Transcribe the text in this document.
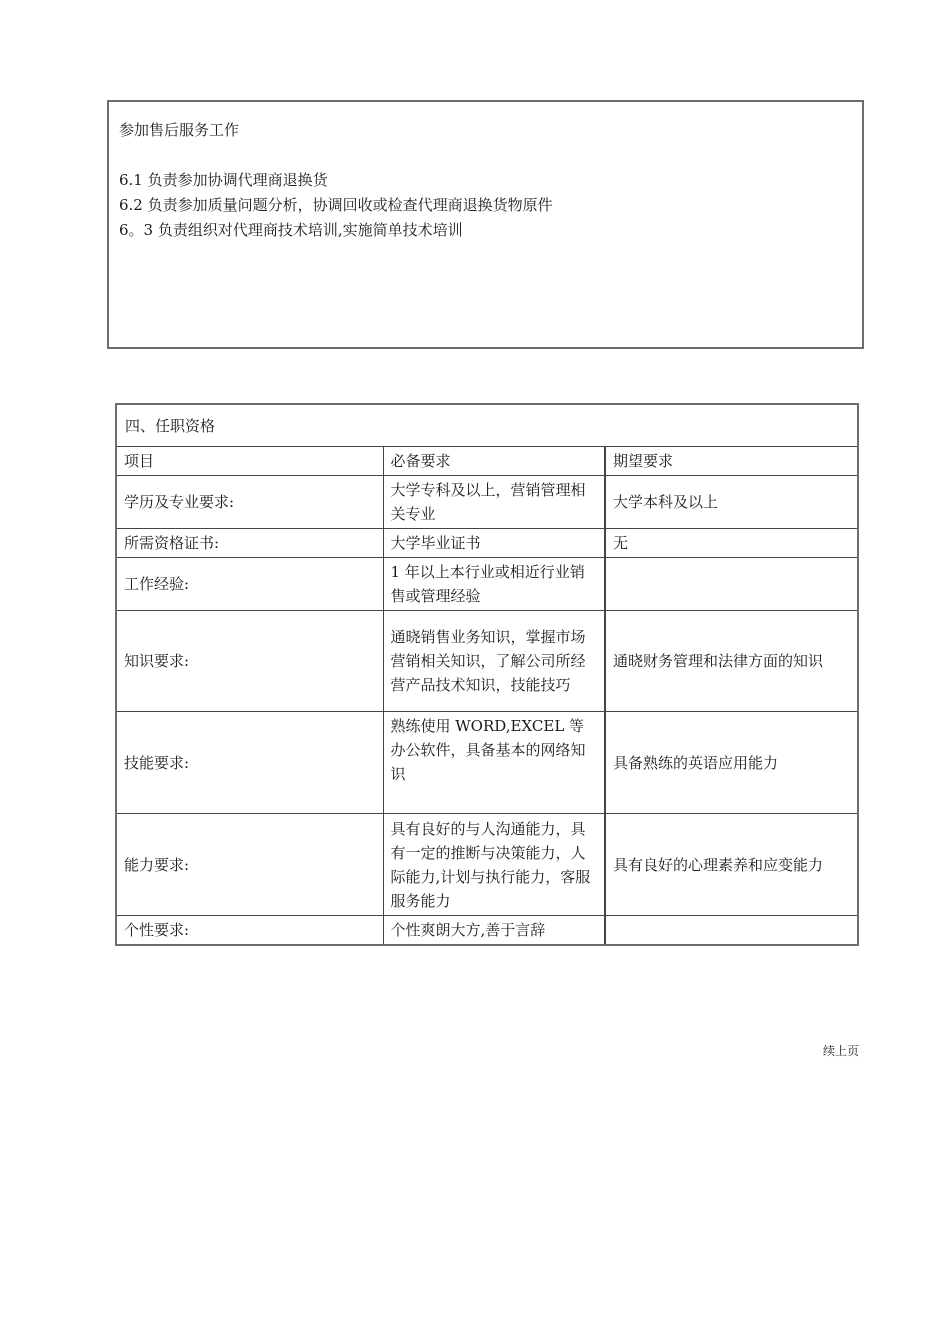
参加售后服务工作
6.1 负责参加协调代理商退换货
6.2 负责参加质量问题分析，协调回收或检查代理商退换货物原件
6。3 负责组织对代理商技术培训,实施简单技术培训
四、任职资格		
项目	必备要求	期望要求
学历及专业要求:	大学专科及以上，营销管理相关专业	大学本科及以上
所需资格证书:	大学毕业证书	无
工作经验:	1 年以上本行业或相近行业销售或管理经验	
知识要求:	通晓销售业务知识，掌握市场营销相关知识，了解公司所经营产品技术知识，技能技巧	通晓财务管理和法律方面的知识
技能要求:	熟练使用 WORD,EXCEL 等办公软件，具备基本的网络知识	具备熟练的英语应用能力
能力要求:	具有良好的与人沟通能力，具有一定的推断与决策能力，人际能力,计划与执行能力，客服服务能力	具有良好的心理素养和应变能力
个性要求:	个性爽朗大方,善于言辞	
续上页
